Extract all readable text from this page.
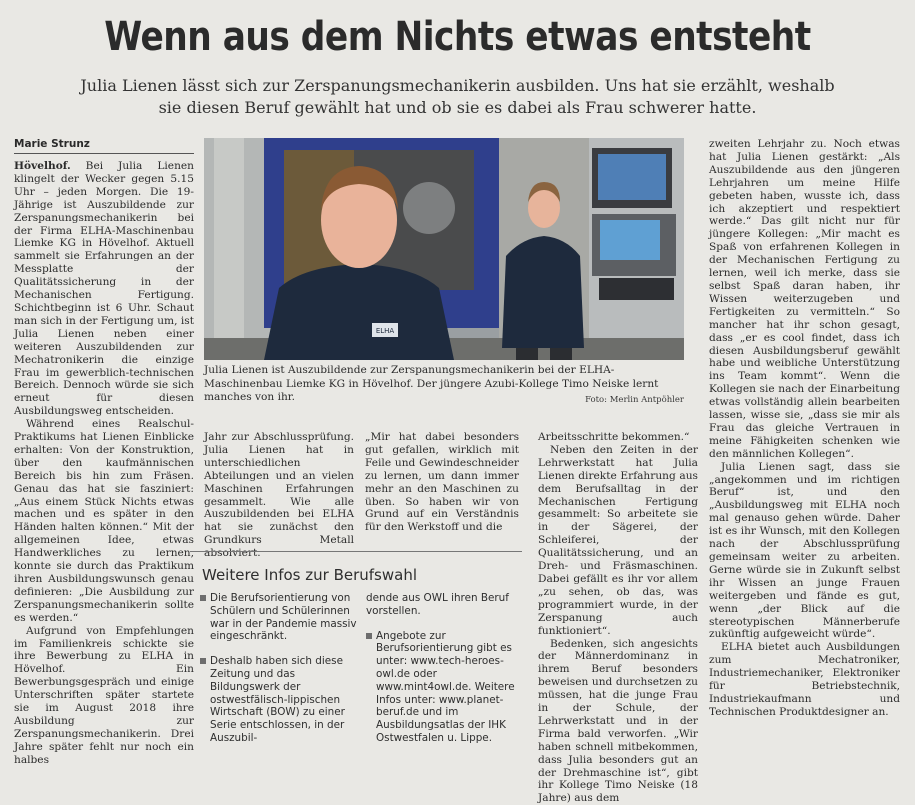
Wenn aus dem Nichts etwas entsteht
Julia Lienen lässt sich zur Zerspanungsmechanikerin ausbilden. Uns hat sie erzählt, weshalb sie diesen Beruf gewählt hat und ob sie es dabei als Frau schwerer hatte.
Marie Strunz

Hövelhof. Bei Julia Lienen klingelt der Wecker gegen 5.15 Uhr – jeden Morgen. Die 19-Jährige ist Auszubildende zur Zerspanungsmechanikerin bei der Firma ELHA-Maschinenbau Liemke KG in Hövelhof. Aktuell sammelt sie Erfahrungen an der Messplatte der Qualitätssicherung in der Mechanischen Fertigung. Schichtbeginn ist 6 Uhr. Schaut man sich in der Fertigung um, ist Julia Lienen neben einer weiteren Auszubildenden zur Mechatronikerin die einzige Frau im gewerblich-technischen Bereich. Dennoch würde sie sich erneut für diesen Ausbildungsweg entscheiden.

Während eines Realschul-Praktikums hat Lienen Einblicke erhalten: Von der Konstruktion, über den kaufmännischen Bereich bis hin zum Fräsen. Genau das hat sie fasziniert: „Aus einem Stück Nichts etwas machen und es später in den Händen halten können.“ Mit der allgemeinen Idee, etwas Handwerkliches zu lernen, konnte sie durch das Praktikum ihren Ausbildungswunsch genau definieren: „Die Ausbildung zur Zerspanungsmechanikerin sollte es werden.“

Aufgrund von Empfehlungen im Familienkreis schickte sie ihre Bewerbung zu ELHA in Hövelhof. Ein Bewerbungsgespräch und einige Unterschriften später startete sie im August 2018 ihre Ausbildung zur Zerspanungsmechanikerin. Drei Jahre später fehlt nur noch ein halbes

ELHA
Julia Lienen ist Auszubildende zur Zerspanungsmechanikerin bei der ELHA-Maschinenbau Liemke KG in Hövelhof. Der jüngere Azubi-Kollege Timo Neiske lernt manches von ihr.	Foto: Merlin Antpöhler

Jahr zur Abschlussprüfung. Julia Lienen hat in unterschiedlichen Abteilungen und an vielen Maschinen Erfahrungen gesammelt. Wie alle Auszubildenden bei ELHA hat sie zunächst den Grundkurs Metall absolviert.

„Mir hat dabei besonders gut gefallen, wirklich mit Feile und Gewindeschneider zu lernen, um dann immer mehr an den Maschinen zu üben. So haben wir von Grund auf ein Verständnis für den Werkstoff und die

Arbeitsschritte bekommen.“

Neben den Zeiten in der Lehrwerkstatt hat Julia Lienen direkte Erfahrung aus dem Berufsalltag in der Mechanischen Fertigung gesammelt: So arbeitete sie in der Sägerei, der Schleiferei, der Qualitätssicherung, und an Dreh- und Fräsmaschinen. Dabei gefällt es ihr vor allem „zu sehen, ob das, was programmiert wurde, in der Zerspanung auch funktioniert“.

Bedenken, sich angesichts der Männerdominanz in ihrem Beruf besonders beweisen und durchsetzen zu müssen, hat die junge Frau in der Schule, der Lehrwerkstatt und in der Firma bald verworfen. „Wir haben schnell mitbekommen, dass Julia besonders gut an der Drehmaschine ist“, gibt ihr Kollege Timo Neiske (18 Jahre) aus dem

zweiten Lehrjahr zu. Noch etwas hat Julia Lienen gestärkt: „Als Auszubildende aus den jüngeren Lehrjahren um meine Hilfe gebeten haben, wusste ich, dass ich akzeptiert und respektiert werde.“ Das gilt nicht nur für jüngere Kollegen: „Mir macht es Spaß von erfahrenen Kollegen in der Mechanischen Fertigung zu lernen, weil ich merke, dass sie selbst Spaß daran haben, ihr Wissen weiterzugeben und Fertigkeiten zu vermitteln.“ So mancher hat ihr schon gesagt, dass „er es cool findet, dass ich diesen Ausbildungsberuf gewählt habe und weibliche Unterstützung ins Team kommt“. Wenn die Kollegen sie nach der Einarbeitung etwas vollständig allein bearbeiten lassen, wisse sie, „dass sie mir als Frau das gleiche Vertrauen in meine Fähigkeiten schenken wie den männlichen Kollegen“.

Julia Lienen sagt, dass sie „angekommen und im richtigen Beruf“ ist, und den „Ausbildungsweg mit ELHA noch mal genauso gehen würde. Daher ist es ihr Wunsch, mit den Kollegen nach der Abschlussprüfung gemeinsam weiter zu arbeiten. Gerne würde sie in Zukunft selbst ihr Wissen an junge Frauen weitergeben und fände es gut, wenn „der Blick auf die stereotypischen Männerberufe zukünftig aufgeweicht würde“.

ELHA bietet auch Ausbildungen zum Mechatroniker, Industriemechaniker, Elektroniker für Betriebstechnik, Industriekaufmann und Technischen Produktdesigner an.

Weitere Infos zur Berufswahl
Die Berufsorientierung von Schülern und Schülerinnen war in der Pandemie massiv eingeschränkt.
Deshalb haben sich diese Zeitung und das Bildungswerk der ostwestfälisch-lippischen Wirtschaft (BOW) zu einer Serie entschlossen, in der Auszubil-
dende aus OWL ihren Beruf vorstellen.
Angebote zur Berufsorientierung gibt es unter: www.tech-heroes-owl.de oder www.mint4owl.de. Weitere Infos unter: www.planet-beruf.de und im Ausbildungsatlas der IHK Ostwestfalen u. Lippe.
